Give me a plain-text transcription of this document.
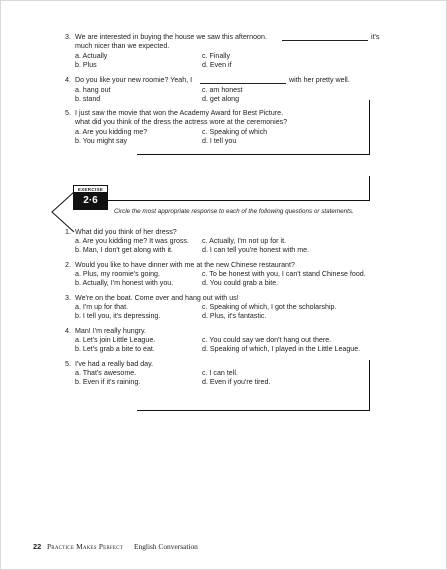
3. We are interested in buying the house we saw this afternoon.	it's
much nicer than we expected.
a. Actually
b. Plus
c. Finally
d. Even if
4. Do you like your new roomie? Yeah, I	with her pretty well.
a. hang out
b. stand
c. am honest
d. get along
5. I just saw the movie that won the Academy Award for Best Picture.
what did you think of the dress the actress wore at the ceremonies?
a. Are you kidding me?
b. You might say
c. Speaking of which
d. I tell you
EXERCISE
2·6
Circle the most appropriate response to each of the following questions or statements.
1. What did you think of her dress?
a. Are you kidding me? It was gross.
b. Man, I don't get along with it.
c. Actually, I'm not up for it.
d. I can tell you're honest with me.
2. Would you like to have dinner with me at the new Chinese restaurant?
a. Plus, my roomie's going.
b. Actually, I'm honest with you.
c. To be honest with you, I can't stand Chinese food.
d. You could grab a bite.
3. We're on the boat. Come over and hang out with us!
a. I'm up for that.
b. I tell you, it's depressing.
c. Speaking of which, I got the scholarship.
d. Plus, it's fantastic.
4. Man! I'm really hungry.
a. Let's join Little League.
b. Let's grab a bite to eat.
c. You could say we don't hang out there.
d. Speaking of which, I played in the Little League.
5. I've had a really bad day.
a. That's awesome.
b. Even if it's raining.
c. I can tell.
d. Even if you're tired.
22 Practice Makes Perfect English Conversation
